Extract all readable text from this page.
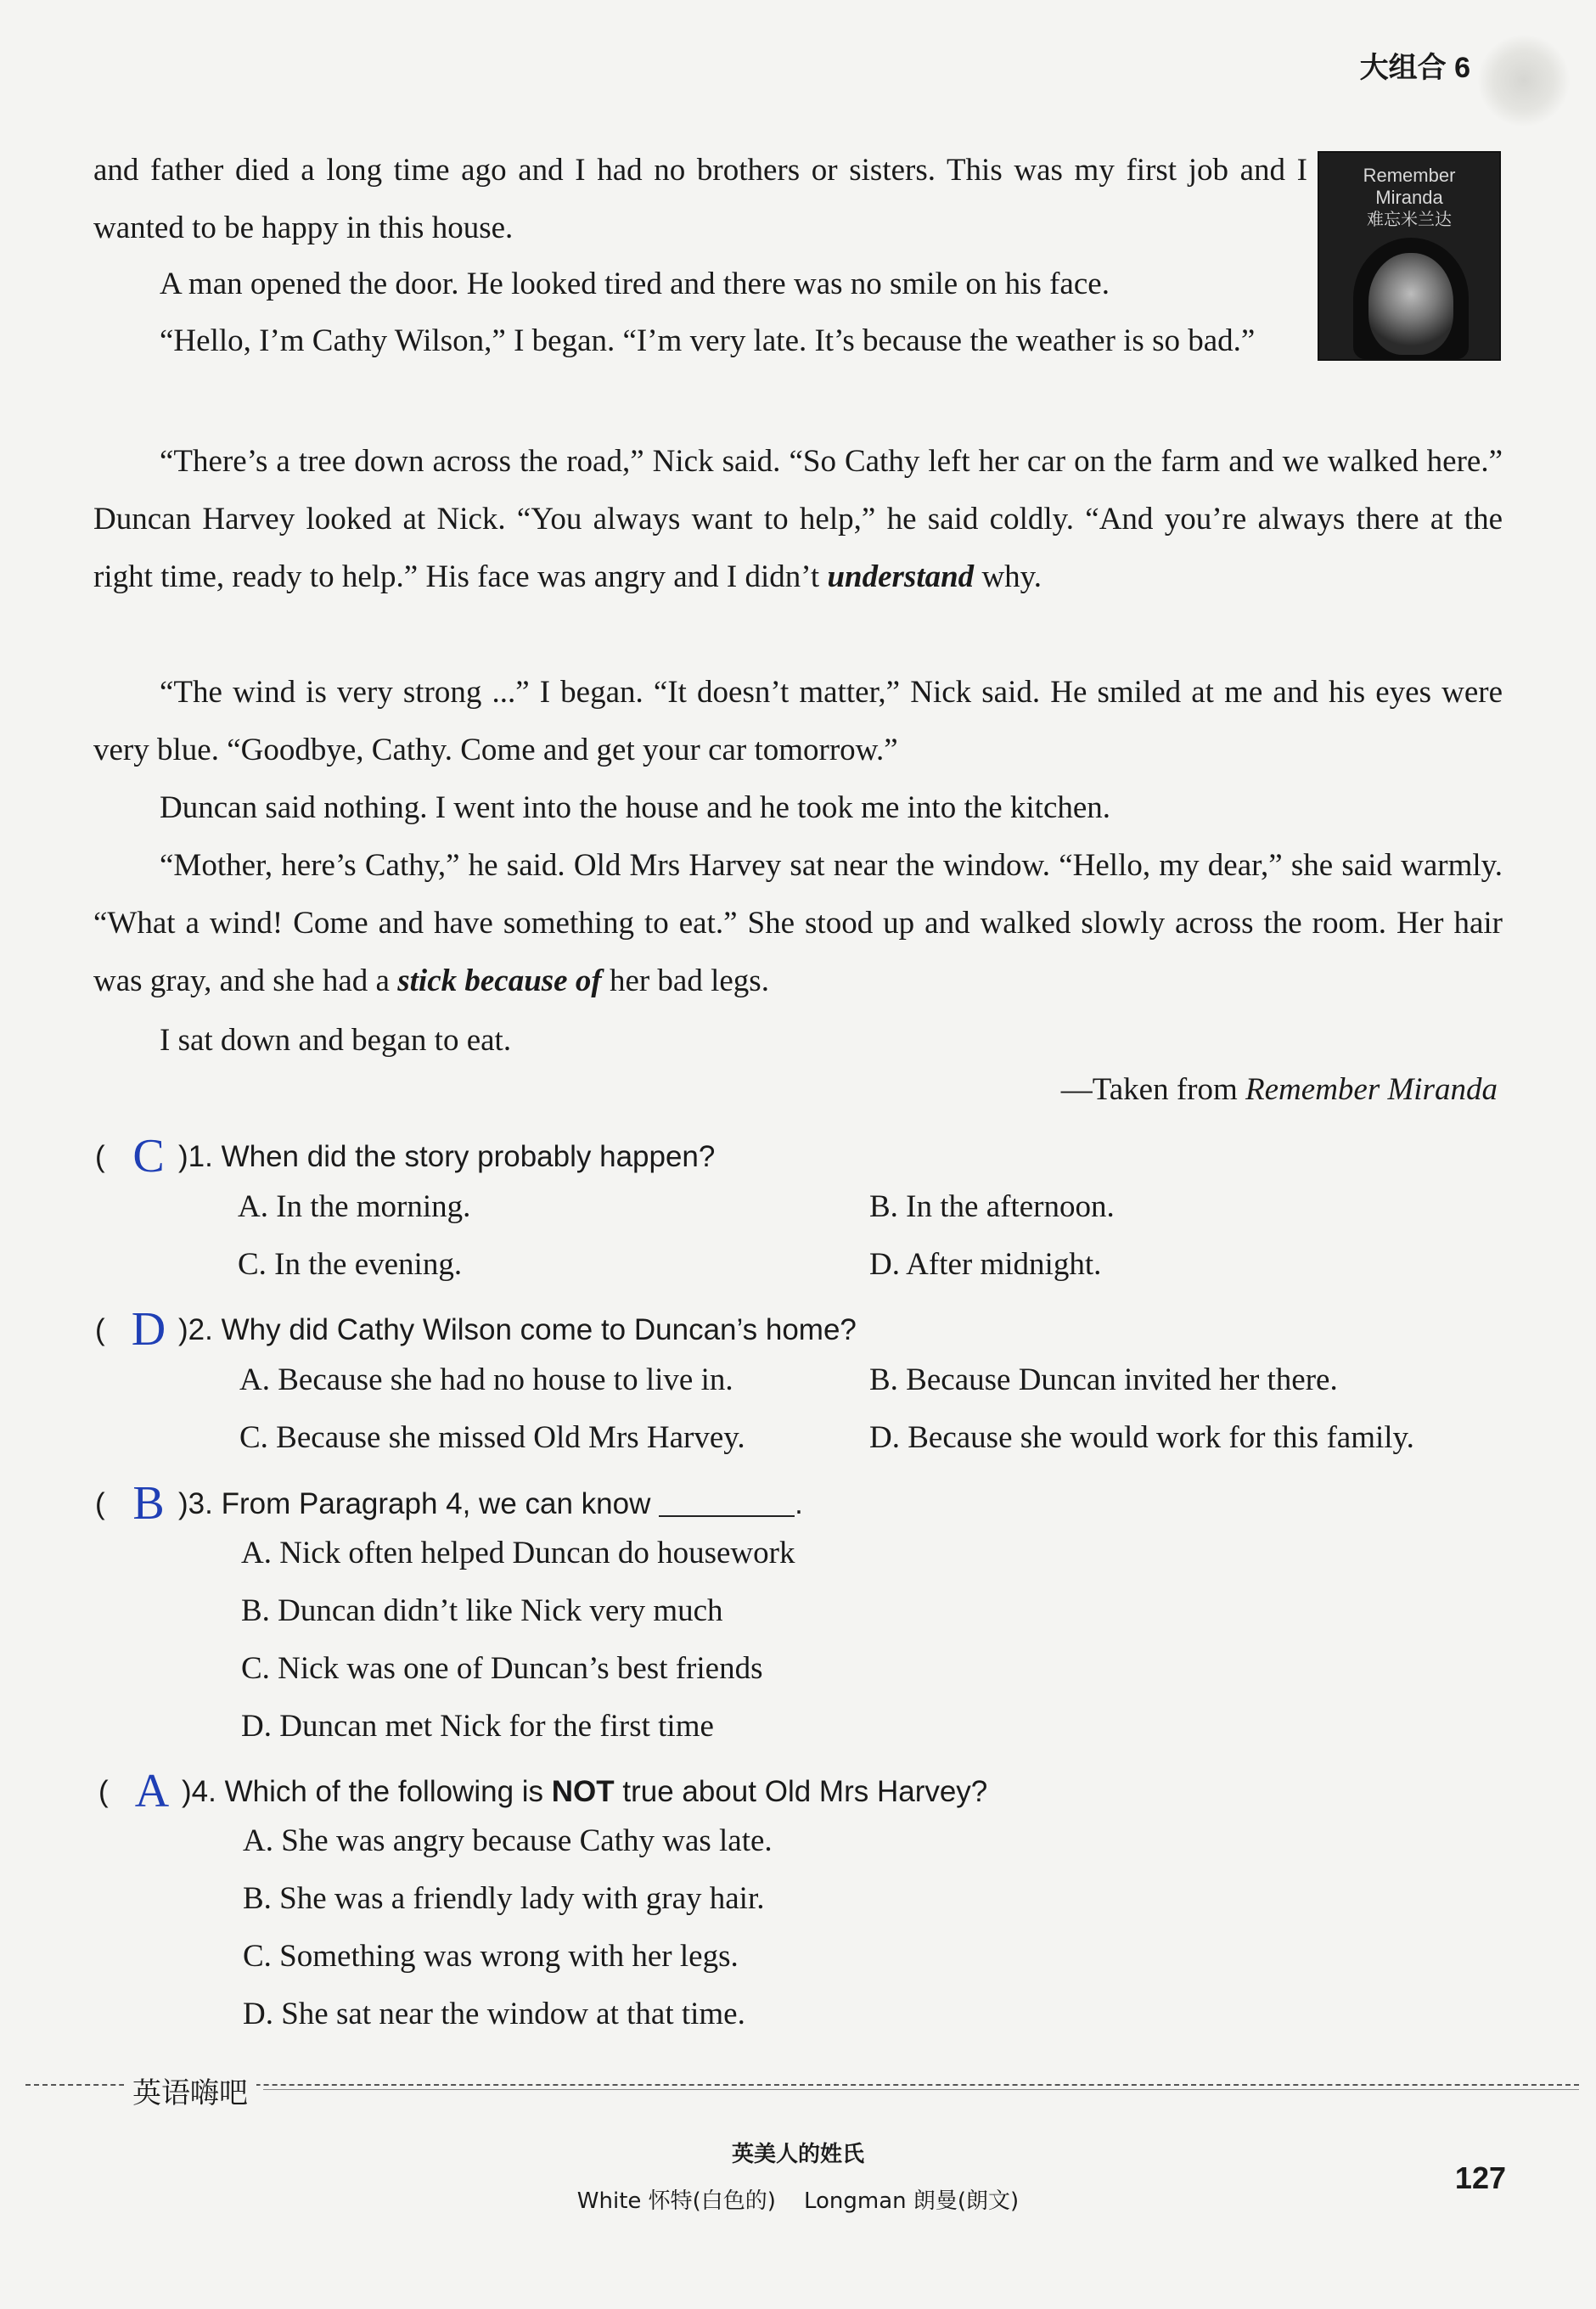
大组合 6
Remember
Miranda
难忘米兰达

and father died a long time ago and I had no brothers or sisters. This was my first job and I wanted to be happy in this house.

A man opened the door. He looked tired and there was no smile on his face.

“Hello, I’m Cathy Wilson,” I began. “I’m very late. It’s because the weather is so bad.”

“There’s a tree down across the road,” Nick said. “So Cathy left her car on the farm and we walked here.” Duncan Harvey looked at Nick. “You always want to help,” he said coldly. “And you’re always there at the right time, ready to help.” His face was angry and I didn’t understand why.

“The wind is very strong ...” I began. “It doesn’t matter,” Nick said. He smiled at me and his eyes were very blue. “Goodbye, Cathy. Come and get your car tomorrow.”

Duncan said nothing. I went into the house and he took me into the kitchen.

“Mother, here’s Cathy,” he said. Old Mrs Harvey sat near the window. “Hello, my dear,” she said warmly. “What a wind! Come and have something to eat.” She stood up and walked slowly across the room. Her hair was gray, and she had a stick because of her bad legs.

I sat down and began to eat.

—Taken from Remember Miranda
( C )1. When did the story probably happen?
A. In the morning.	B. In the afternoon.
C. In the evening.	D. After midnight.
( D )2. Why did Cathy Wilson come to Duncan’s home?
A. Because she had no house to live in.	B. Because Duncan invited her there.
C. Because she missed Old Mrs Harvey.	D. Because she would work for this family.
( B )3. From Paragraph 4, we can know	.
A. Nick often helped Duncan do housework
B. Duncan didn’t like Nick very much
C. Nick was one of Duncan’s best friends
D. Duncan met Nick for the first time
( A )4. Which of the following is NOT true about Old Mrs Harvey?
A. She was angry because Cathy was late.
B. She was a friendly lady with gray hair.
C. Something was wrong with her legs.
D. She sat near the window at that time.
英语嗨吧
英美人的姓氏
White 怀特(白色的)    Longman 朗曼(朗文)
127
